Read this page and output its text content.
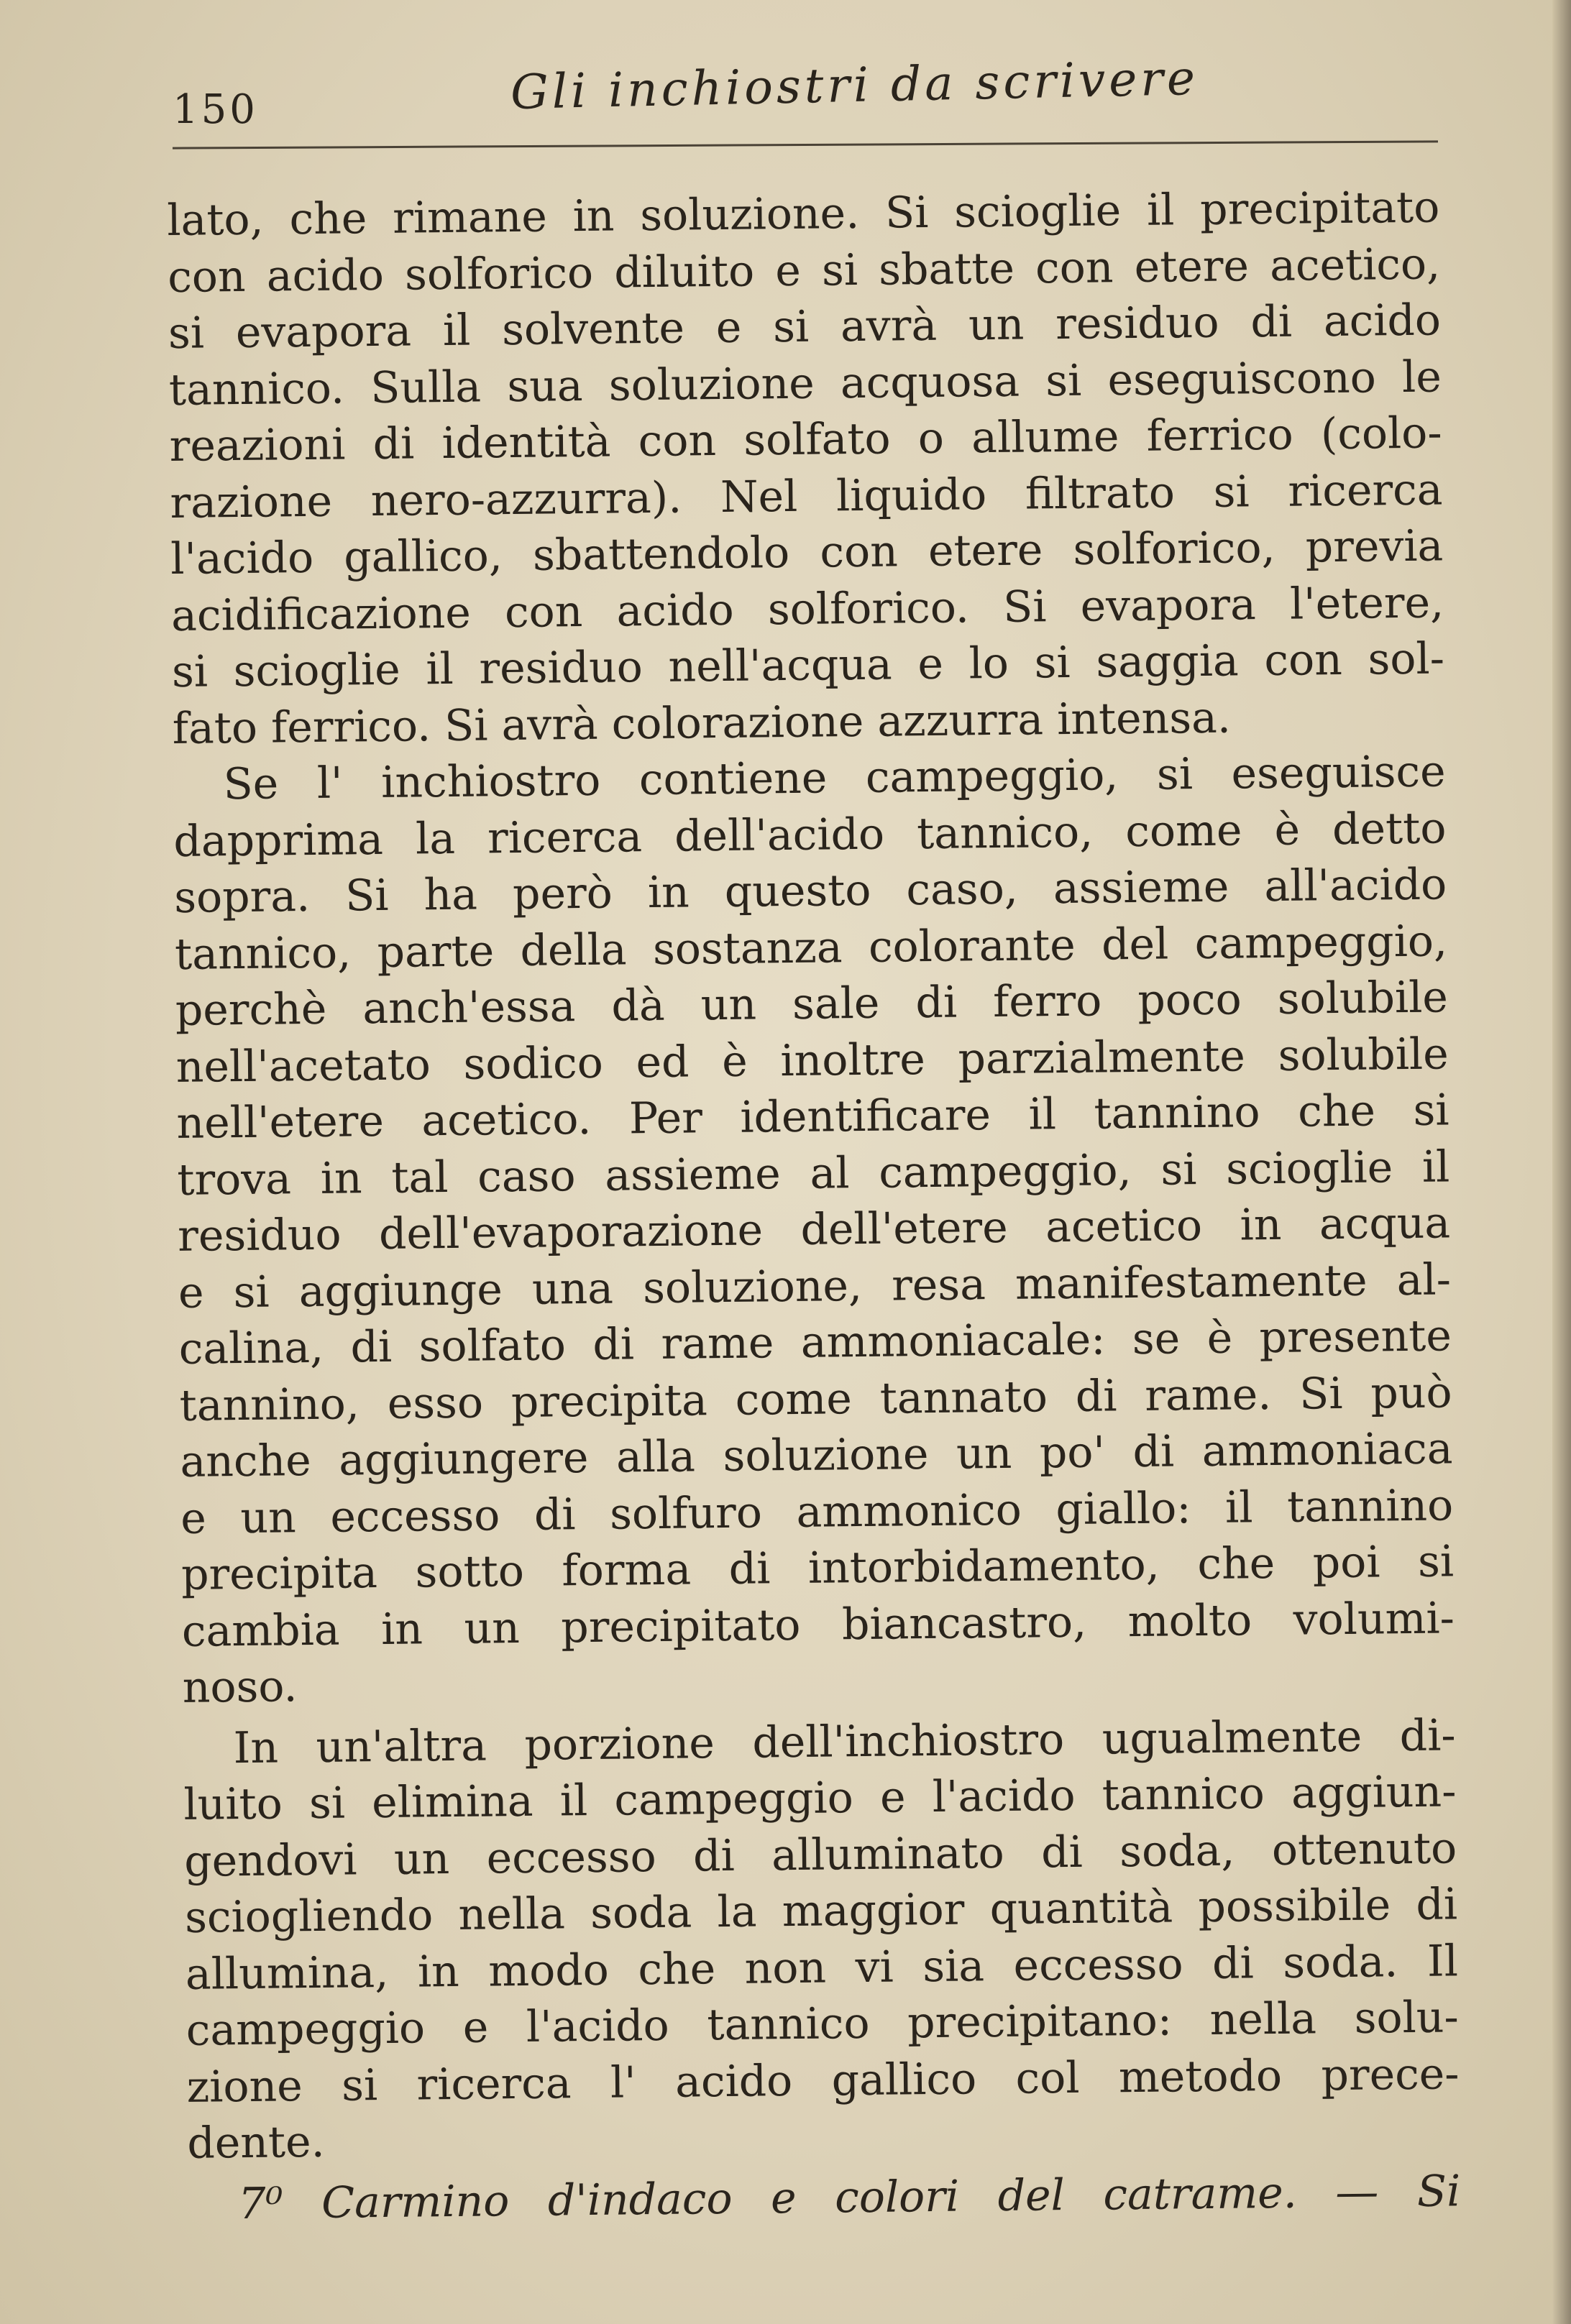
150	Gli inchiostri da scrivere
lato, che rimane in soluzione. Si scioglie il precipitato
con acido solforico diluito e si sbatte con etere acetico,
si evapora il solvente e si avrà un residuo di acido
tannico. Sulla sua soluzione acquosa si eseguiscono le
reazioni di identità con solfato o allume ferrico (colo-
razione nero-azzurra). Nel liquido filtrato si ricerca
l'acido gallico, sbattendolo con etere solforico, previa
acidificazione con acido solforico. Si evapora l'etere,
si scioglie il residuo nell'acqua e lo si saggia con sol-
fato ferrico. Si avrà colorazione azzurra intensa.
Se l' inchiostro contiene campeggio, si eseguisce
dapprima la ricerca dell'acido tannico, come è detto
sopra. Si ha però in questo caso, assieme all'acido
tannico, parte della sostanza colorante del campeggio,
perchè anch'essa dà un sale di ferro poco solubile
nell'acetato sodico ed è inoltre parzialmente solubile
nell'etere acetico. Per identificare il tannino che si
trova in tal caso assieme al campeggio, si scioglie il
residuo dell'evaporazione dell'etere acetico in acqua
e si aggiunge una soluzione, resa manifestamente al-
calina, di solfato di rame ammoniacale: se è presente
tannino, esso precipita come tannato di rame. Si può
anche aggiungere alla soluzione un po' di ammoniaca
e un eccesso di solfuro ammonico giallo: il tannino
precipita sotto forma di intorbidamento, che poi si
cambia in un precipitato biancastro, molto volumi-
noso.
In un'altra porzione dell'inchiostro ugualmente di-
luito si elimina il campeggio e l'acido tannico aggiun-
gendovi un eccesso di alluminato di soda, ottenuto
sciogliendo nella soda la maggior quantità possibile di
allumina, in modo che non vi sia eccesso di soda. Il
campeggio e l'acido tannico precipitano: nella solu-
zione si ricerca l' acido gallico col metodo prece-
dente.
7⁰ Carmino d'indaco e colori del catrame. — Si
